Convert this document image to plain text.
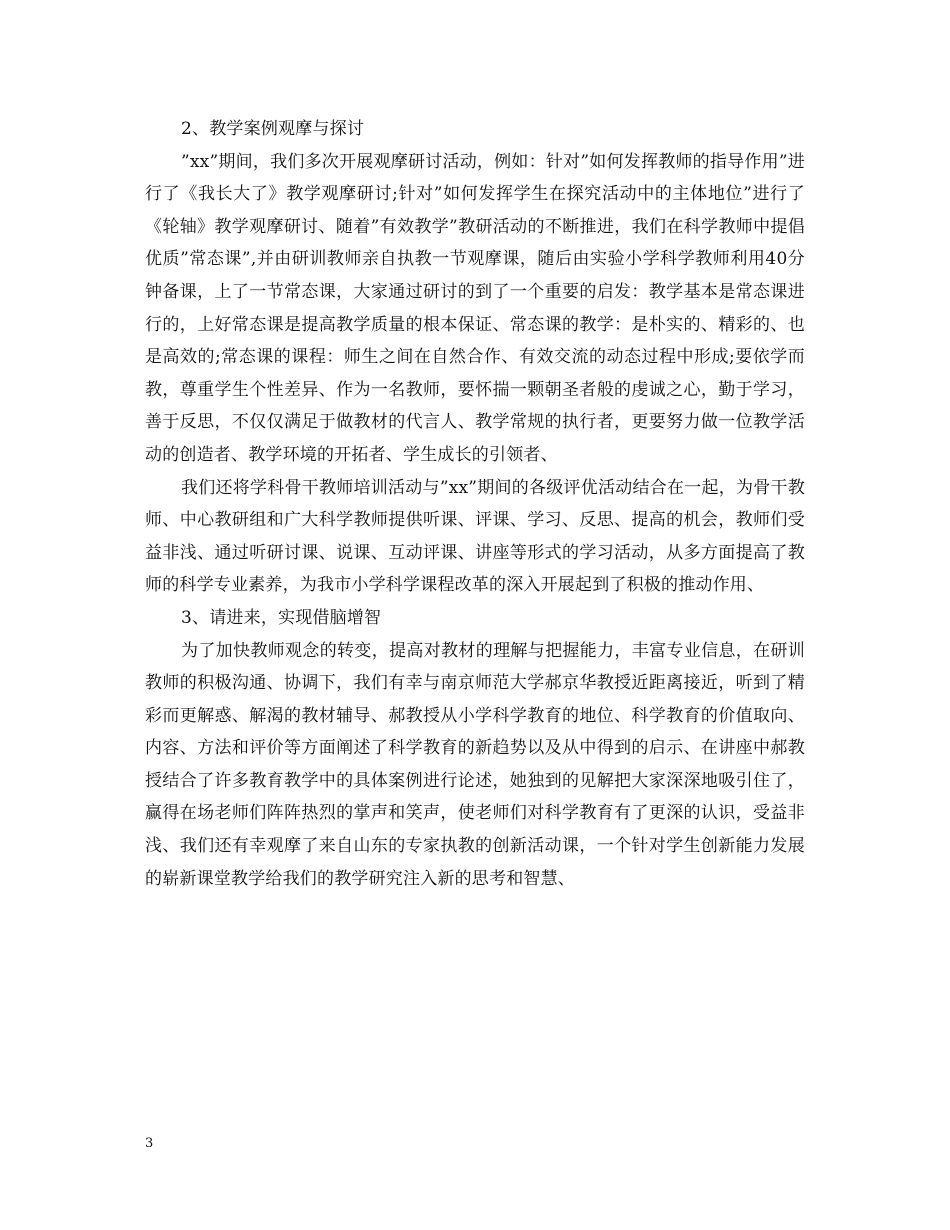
2、教学案例观摩与探讨

”xx”期间，我们多次开展观摩研讨活动，例如：针对”如何发挥教师的指导作用”进行了《我长大了》教学观摩研讨;针对”如何发挥学生在探究活动中的主体地位”进行了《轮轴》教学观摩研讨、随着”有效教学”教研活动的不断推进，我们在科学教师中提倡优质”常态课”,并由研训教师亲自执教一节观摩课，随后由实验小学科学教师利用40分钟备课，上了一节常态课，大家通过研讨的到了一个重要的启发：教学基本是常态课进行的，上好常态课是提高教学质量的根本保证、常态课的教学：是朴实的、精彩的、也是高效的;常态课的课程：师生之间在自然合作、有效交流的动态过程中形成;要依学而教，尊重学生个性差异、作为一名教师，要怀揣一颗朝圣者般的虔诚之心，勤于学习，善于反思，不仅仅满足于做教材的代言人、教学常规的执行者，更要努力做一位教学活动的创造者、教学环境的开拓者、学生成长的引领者、

我们还将学科骨干教师培训活动与”xx”期间的各级评优活动结合在一起，为骨干教师、中心教研组和广大科学教师提供听课、评课、学习、反思、提高的机会，教师们受益非浅、通过听研讨课、说课、互动评课、讲座等形式的学习活动，从多方面提高了教师的科学专业素养，为我市小学科学课程改革的深入开展起到了积极的推动作用、

3、请进来，实现借脑增智

为了加快教师观念的转变，提高对教材的理解与把握能力，丰富专业信息，在研训教师的积极沟通、协调下，我们有幸与南京师范大学郝京华教授近距离接近，听到了精彩而更解惑、解渴的教材辅导、郝教授从小学科学教育的地位、科学教育的价值取向、内容、方法和评价等方面阐述了科学教育的新趋势以及从中得到的启示、在讲座中郝教授结合了许多教育教学中的具体案例进行论述，她独到的见解把大家深深地吸引住了，赢得在场老师们阵阵热烈的掌声和笑声，使老师们对科学教育有了更深的认识，受益非浅、我们还有幸观摩了来自山东的专家执教的创新活动课，一个针对学生创新能力发展的崭新课堂教学给我们的教学研究注入新的思考和智慧、

3
